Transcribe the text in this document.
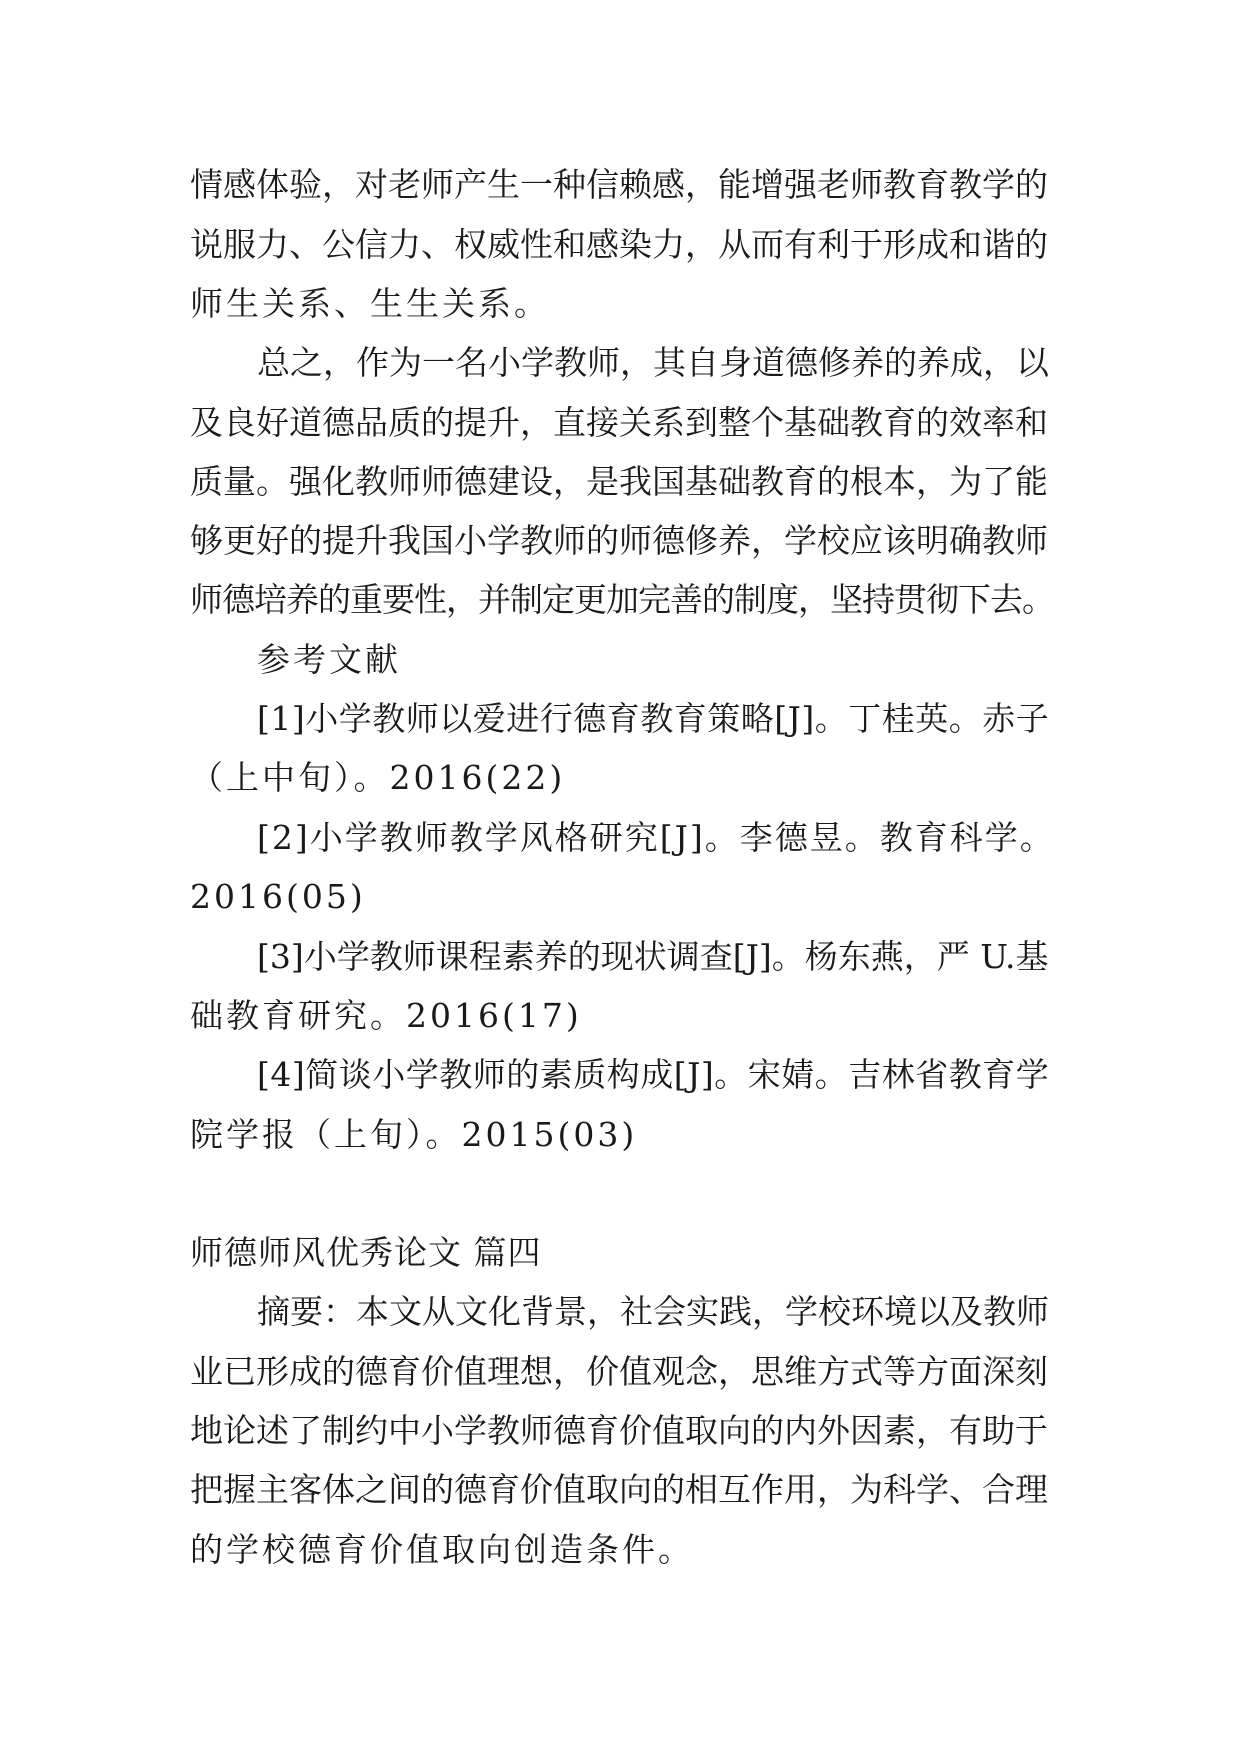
情感体验，对老师产生一种信赖感，能增强老师教育教学的
说服力、公信力、权威性和感染力，从而有利于形成和谐的
师生关系、生生关系。
总之，作为一名小学教师，其自身道德修养的养成，以
及良好道德品质的提升，直接关系到整个基础教育的效率和
质量。强化教师师德建设，是我国基础教育的根本，为了能
够更好的提升我国小学教师的师德修养，学校应该明确教师
师德培养的重要性，并制定更加完善的制度，坚持贯彻下去。
参考文献
[1]小学教师以爱进行德育教育策略[J]。丁桂英。赤子
（上中旬）。2016(22)
[2]小学教师教学风格研究[J]。李德昱。教育科学。
2016(05)
[3]小学教师课程素养的现状调查[J]。杨东燕，严 U.基
础教育研究。2016(17)
[4]简谈小学教师的素质构成[J]。宋婧。吉林省教育学
院学报（上旬）。2015(03)
师德师风优秀论文 篇四
摘要：本文从文化背景，社会实践，学校环境以及教师
业已形成的德育价值理想，价值观念，思维方式等方面深刻
地论述了制约中小学教师德育价值取向的内外因素，有助于
把握主客体之间的德育价值取向的相互作用，为科学、合理
的学校德育价值取向创造条件。
